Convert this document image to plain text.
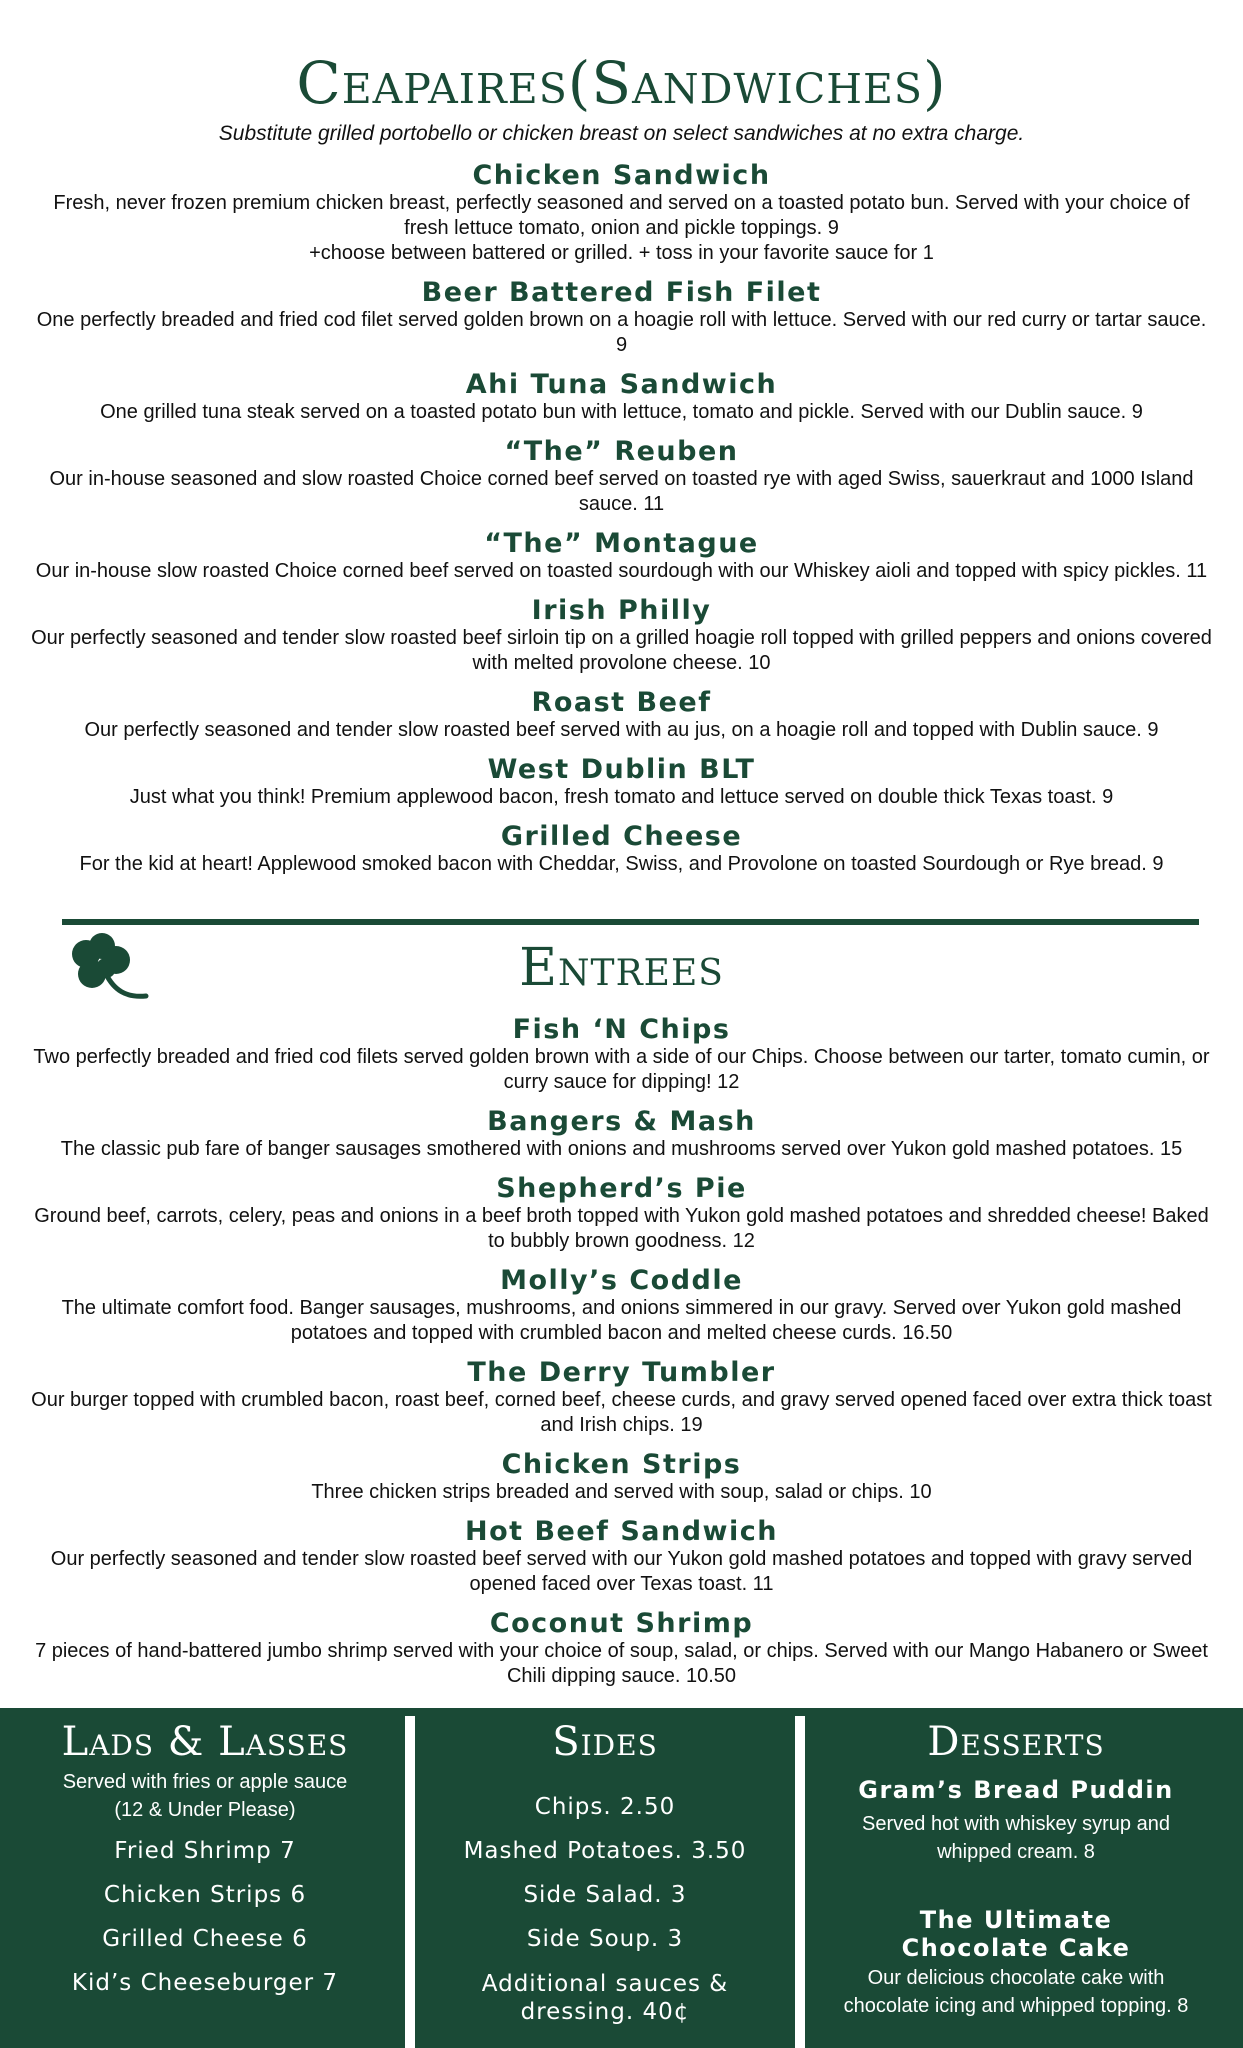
Ceapaires(Sandwiches)
Substitute grilled portobello or chicken breast on select sandwiches at no extra charge.
Chicken Sandwich
Fresh, never frozen premium chicken breast, perfectly seasoned and served on a toasted potato bun. Served with your choice of fresh lettuce tomato, onion and pickle toppings. 9
+choose between battered or grilled. + toss in your favorite sauce for 1
Beer Battered Fish Filet
One perfectly breaded and fried cod filet served golden brown on a hoagie roll with lettuce. Served with our red curry or tartar sauce. 9
Ahi Tuna Sandwich
One grilled tuna steak served on a toasted potato bun with lettuce, tomato and pickle. Served with our Dublin sauce. 9
“The” Reuben
Our in-house seasoned and slow roasted Choice corned beef served on toasted rye with aged Swiss, sauerkraut and 1000 Island sauce. 11
“The” Montague
Our in-house slow roasted Choice corned beef served on toasted sourdough with our Whiskey aioli and topped with spicy pickles. 11
Irish Philly
Our perfectly seasoned and tender slow roasted beef sirloin tip on a grilled hoagie roll topped with grilled peppers and onions covered with melted provolone cheese. 10
Roast Beef
Our perfectly seasoned and tender slow roasted beef served with au jus, on a hoagie roll and topped with Dublin sauce. 9
West Dublin BLT
Just what you think! Premium applewood bacon, fresh tomato and lettuce served on double thick Texas toast. 9
Grilled Cheese
For the kid at heart! Applewood smoked bacon with Cheddar, Swiss, and Provolone on toasted Sourdough or Rye bread. 9
Entrees
Fish ‘N Chips
Two perfectly breaded and fried cod filets served golden brown with a side of our Chips. Choose between our tarter, tomato cumin, or curry sauce for dipping! 12
Bangers & Mash
The classic pub fare of banger sausages smothered with onions and mushrooms served over Yukon gold mashed potatoes. 15
Shepherd’s Pie
Ground beef, carrots, celery, peas and onions in a beef broth topped with Yukon gold mashed potatoes and shredded cheese! Baked to bubbly brown goodness. 12
Molly’s Coddle
The ultimate comfort food. Banger sausages, mushrooms, and onions simmered in our gravy. Served over Yukon gold mashed potatoes and topped with crumbled bacon and melted cheese curds. 16.50
The Derry Tumbler
Our burger topped with crumbled bacon, roast beef, corned beef, cheese curds, and gravy served opened faced over extra thick toast and Irish chips. 19
Chicken Strips
Three chicken strips breaded and served with soup, salad or chips. 10
Hot Beef Sandwich
Our perfectly seasoned and tender slow roasted beef served with our Yukon gold mashed potatoes and topped with gravy served opened faced over Texas toast. 11
Coconut Shrimp
7 pieces of hand-battered jumbo shrimp served with your choice of soup, salad, or chips. Served with our Mango Habanero or Sweet Chili dipping sauce. 10.50
Lads & Lasses
Served with fries or apple sauce
(12 & Under Please)
Fried Shrimp 7
Chicken Strips 6
Grilled Cheese 6
Kid’s Cheeseburger 7
Sides
Chips. 2.50
Mashed Potatoes. 3.50
Side Salad. 3
Side Soup. 3
Additional sauces &
dressing. 40¢
Desserts
Gram’s Bread Puddin
Served hot with whiskey syrup and
whipped cream. 8
The Ultimate
Chocolate Cake
Our delicious chocolate cake with
chocolate icing and whipped topping. 8
